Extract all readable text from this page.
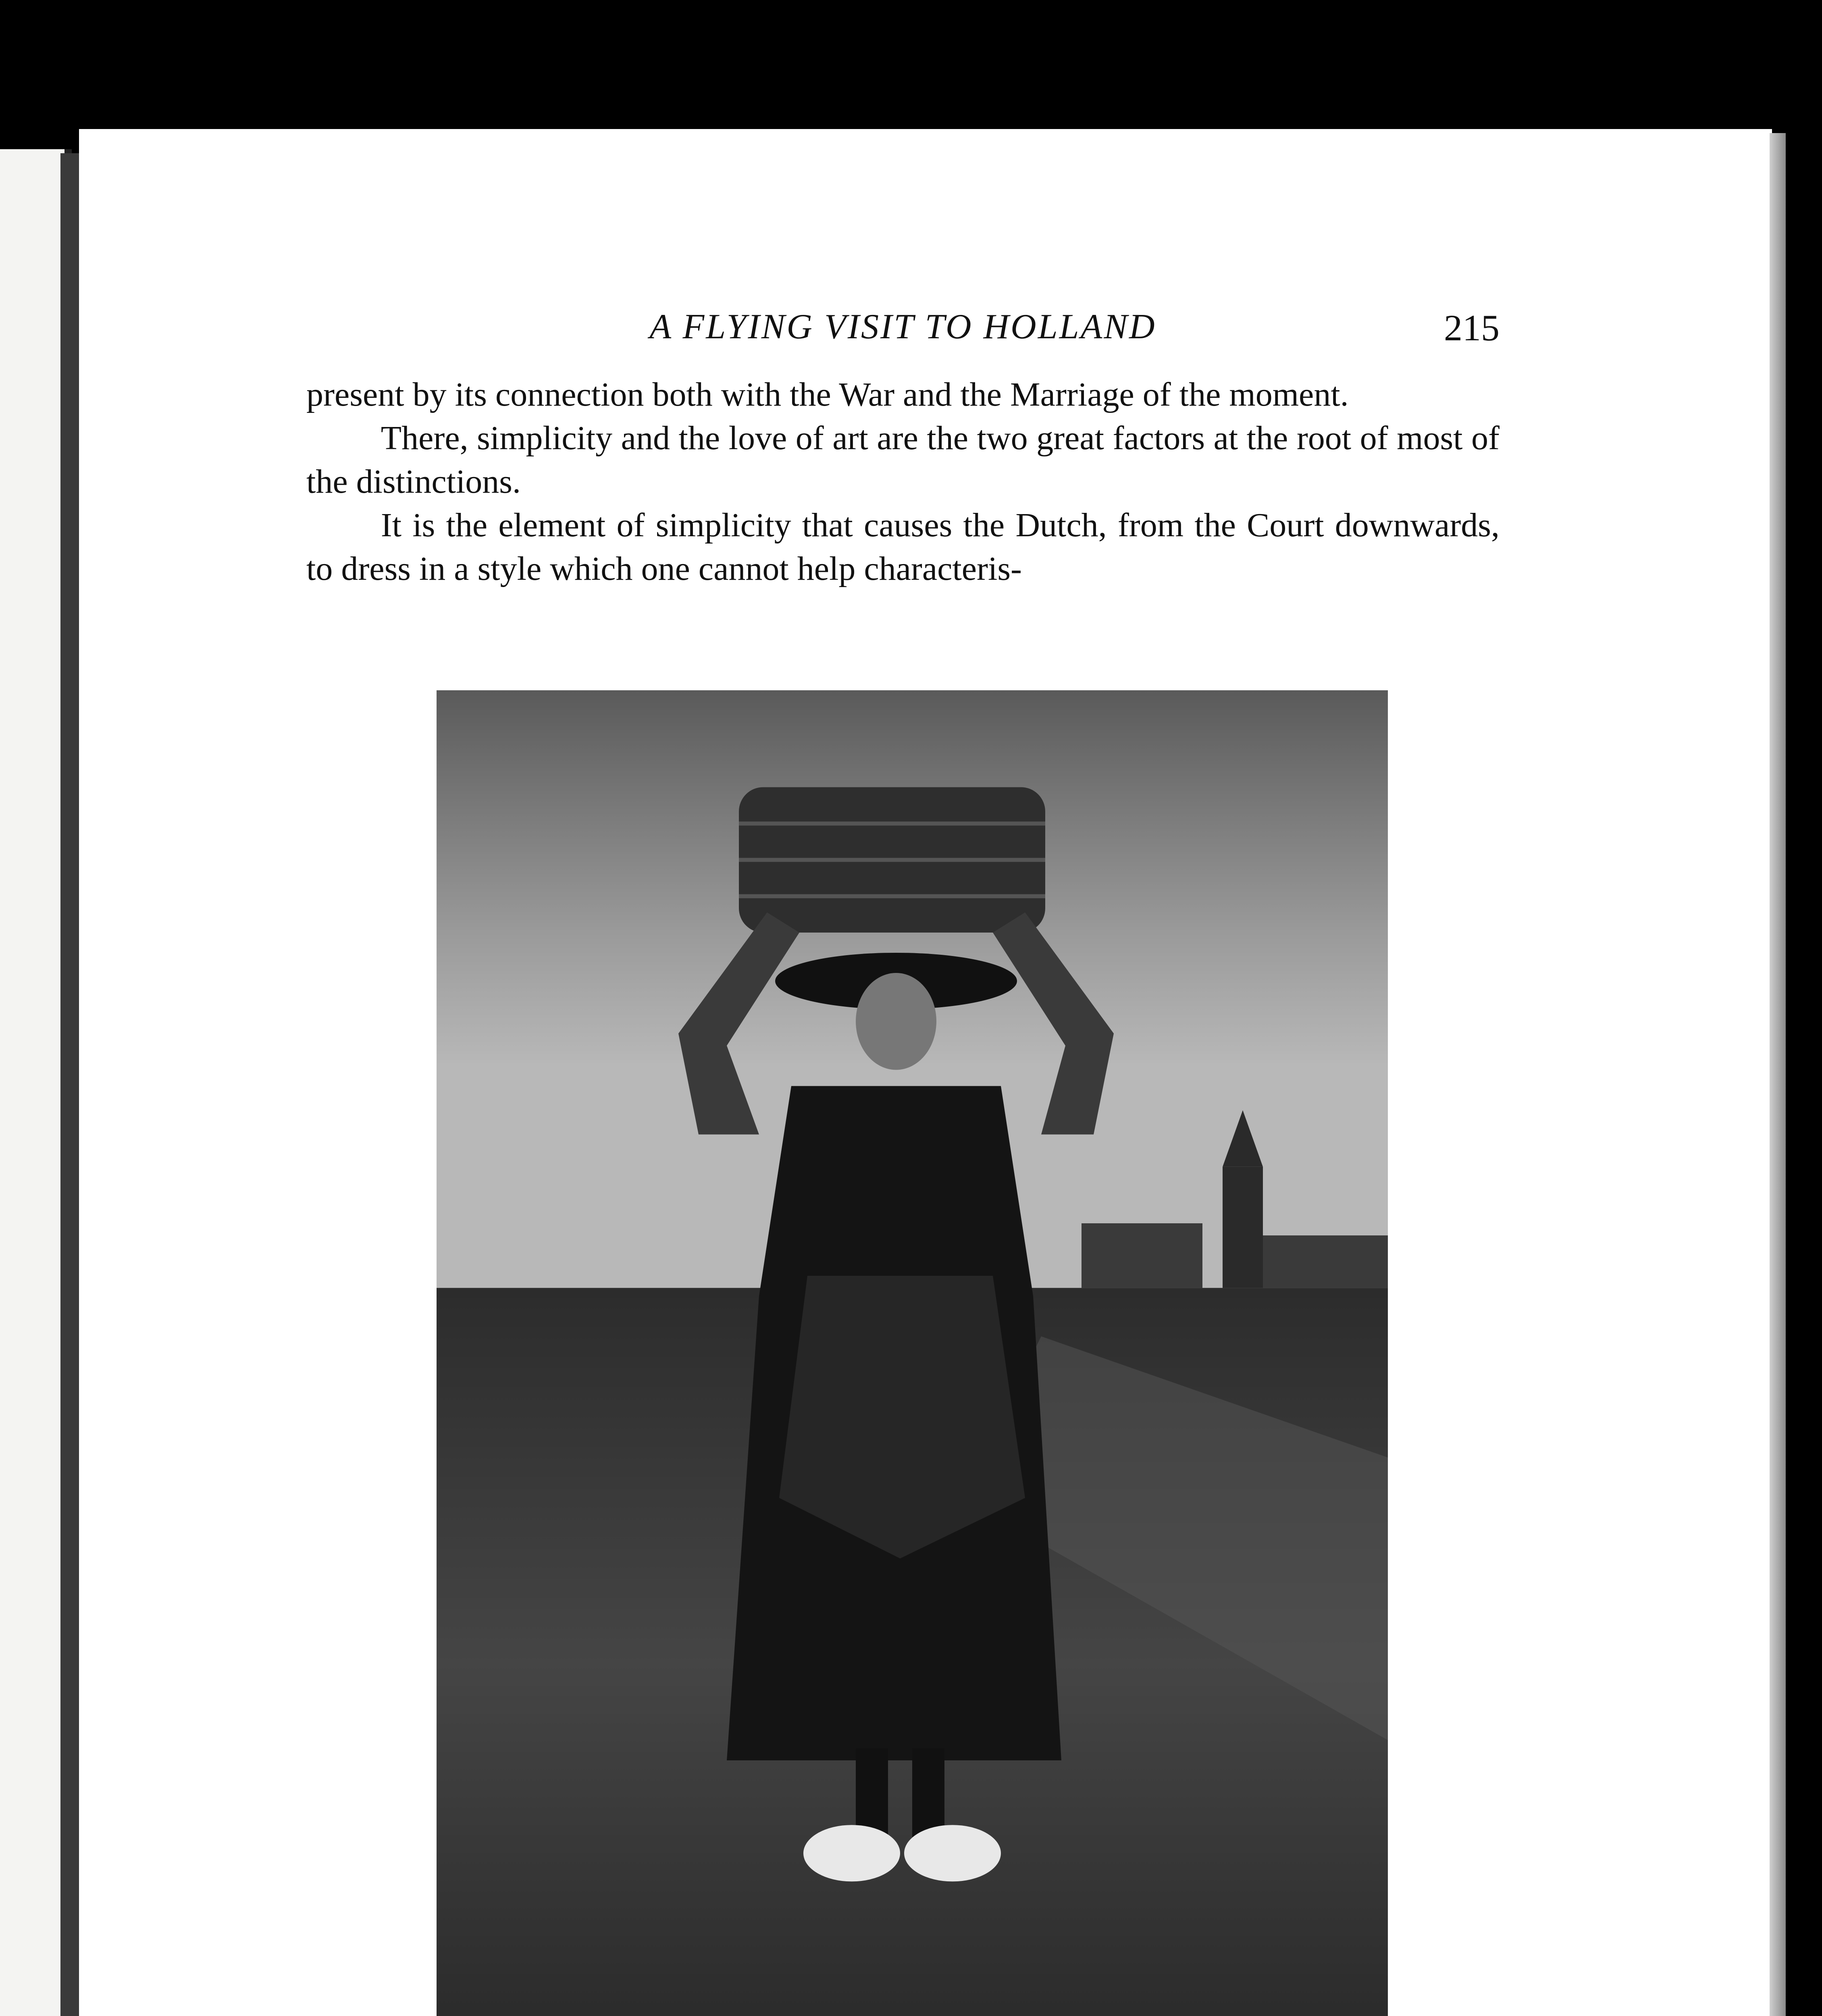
A FLYING VISIT TO HOLLAND	215

present by its connection both with the War and the Marriage of the moment.

There, simplicity and the love of art are the two great factors at the root of most of the distinctions.

It is the element of simplicity that causes the Dutch, from the Court downwards, to dress in a style which one cannot help characteris-
